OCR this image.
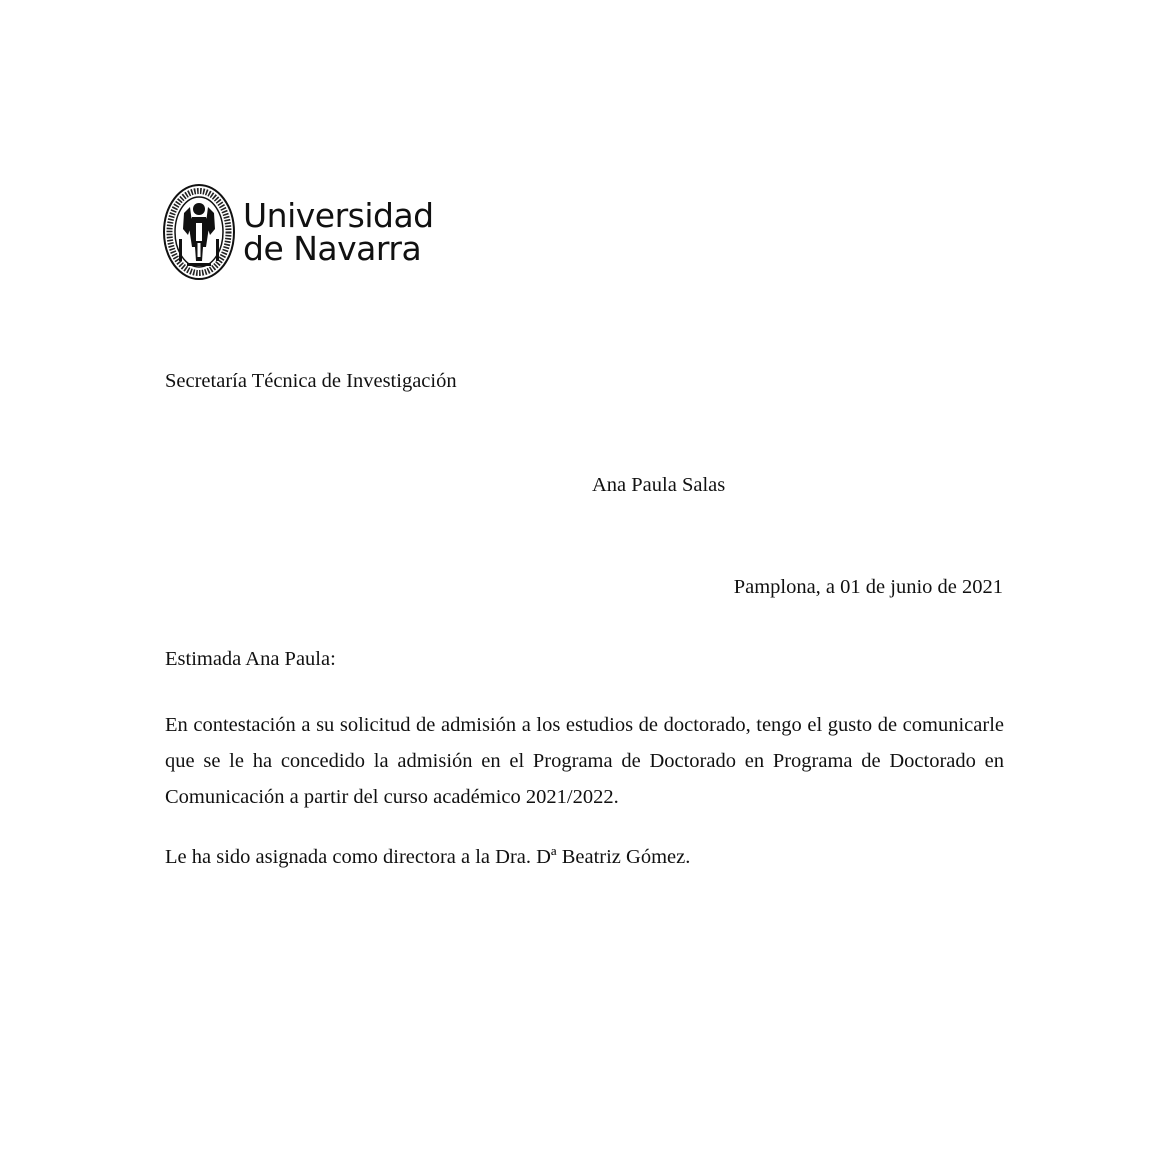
Universidad
de Navarra
Secretaría Técnica de Investigación
Ana Paula Salas
Pamplona, a 01 de junio de 2021
Estimada Ana Paula:
En contestación a su solicitud de admisión a los estudios de doctorado, tengo el gusto de comunicarle que se le ha concedido la admisión en el Programa de Doctorado en Programa de Doctorado en Comunicación a partir del curso académico 2021/2022.
Le ha sido asignada como directora a la Dra. Dª Beatriz Gómez.
